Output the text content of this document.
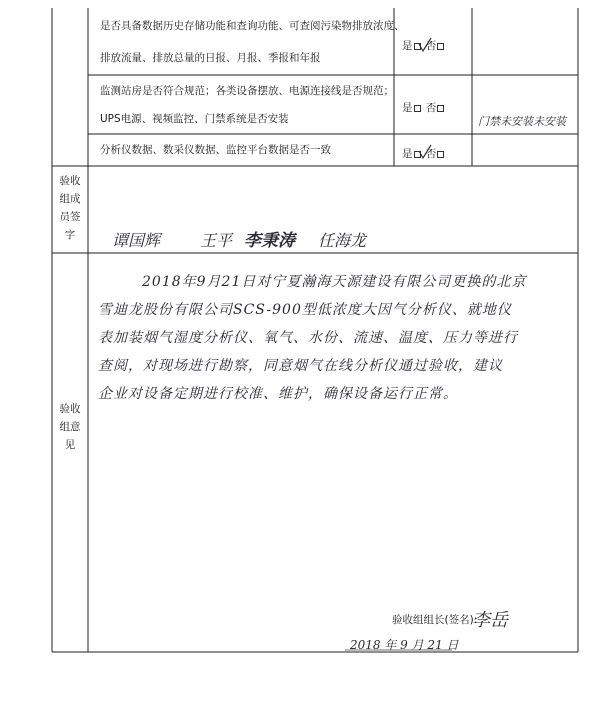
是否具备数据历史存储功能和查询功能、可查阅污染物排放浓度、
排放流量、排放总量的日报、月报、季报和年报
是 否
监测站房是否符合规范；各类设备摆放、电源连接线是否规范；
UPS电源、视频监控、门禁系统是否安装
是 否
门禁未安装未安装
分析仪数据、数采仪数据、监控平台数据是否一致	是 否
验收
组成
员签
字	谭国辉 王平 李秉涛 任海龙
验收
组意
见
2018年9月21日对宁夏瀚海天源建设有限公司更换的北京
雪迪龙股份有限公司SCS-900型低浓度大因气分析仪、就地仪
表加装烟气湿度分析仪、氧气、水份、流速、温度、压力等进行
查阅，对现场进行勘察，同意烟气在线分析仪通过验收，建议
企业对设备定期进行校准、维护，确保设备运行正常。
验收组组长(签名):
李岳
2018 年 9 月 21 日
